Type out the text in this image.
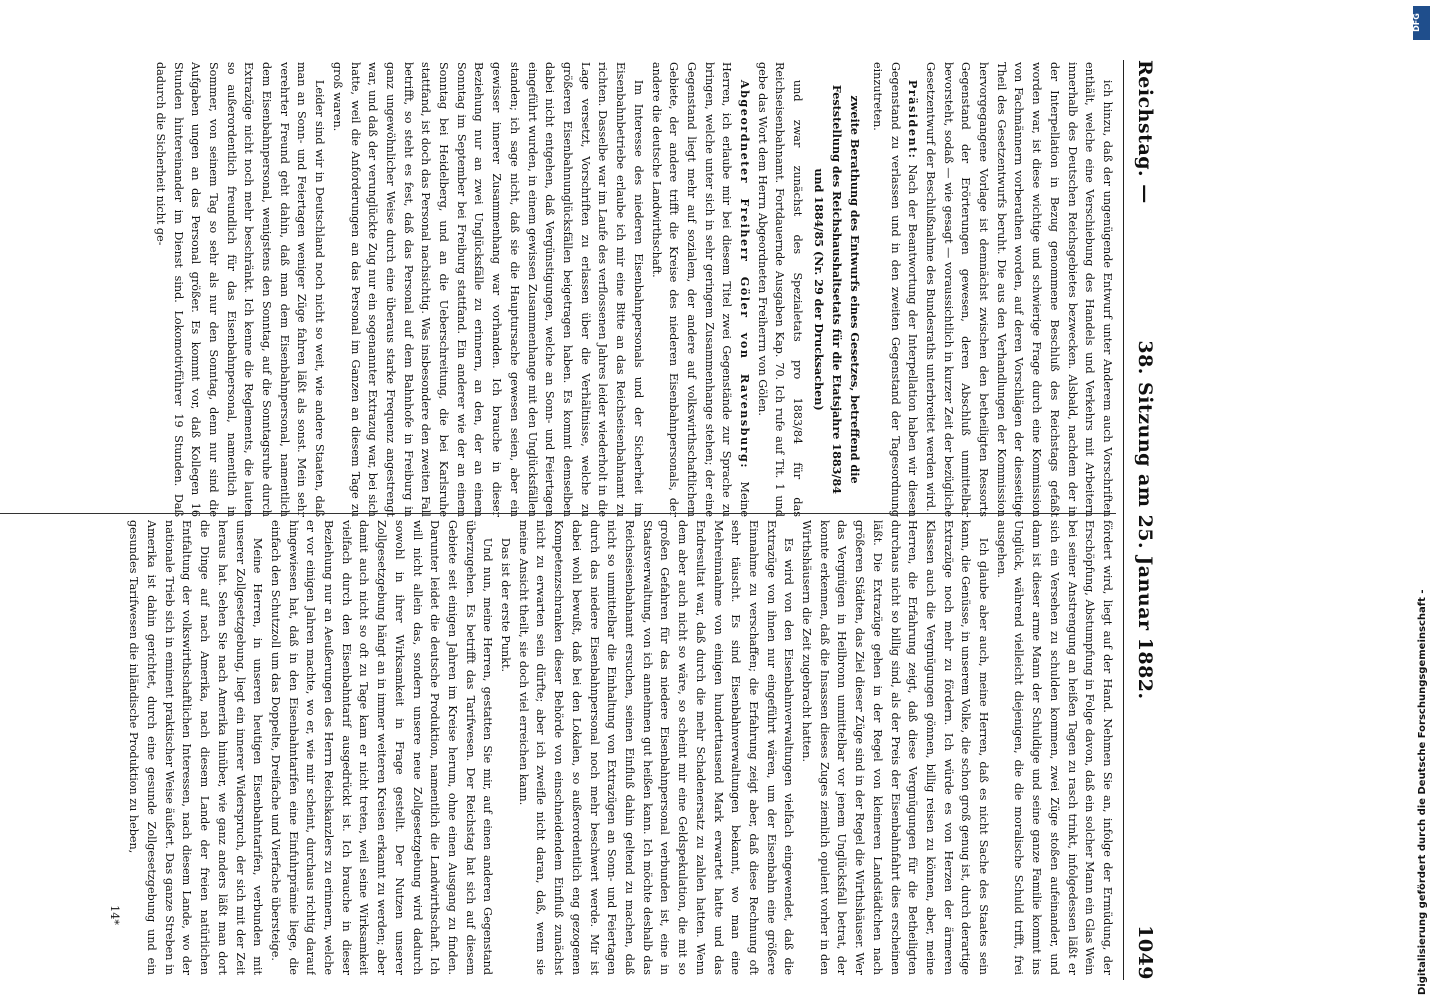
Reichstag. —
38. Sitzung am 25. Januar 1882.
1049

ich hinzu, daß der ungenügende Entwurf unter Anderem auch Vorschriften enthält, welche eine Verschiebung des Handels und Verkehrs mit Arbeitern innerhalb des Deutschen Reichsgebietes bezwecken. Alsbald, nachdem der in der Interpellation in Bezug genommene Beschluß des Reichstags gefaßt worden war, ist diese wichtige und schwierige Frage durch eine Kommission von Fachmännern vorberathen worden, auf deren Vorschlägen der diesseitige Theil des Gesetzentwurfs beruht. Die aus den Verhandlungen der Kommission hervorgegangene Vorlage ist demnächst zwischen den betheiligten Ressorts Gegenstand der Erörterungen gewesen, deren Abschluß unmittelbar bevorsteht, sodaß — wie gesagt — voraussichtlich in kurzer Zeit der bezügliche Gesetzentwurf der Beschlußnahme des Bundesraths unterbreitet werden wird.

Präsident: Nach der Beantwortung der Interpellation haben wir diesen Gegenstand zu verlassen und in den zweiten Gegenstand der Tagesordnung einzutreten.

zweite Berathung des Entwurfs eines Gesetzes, betreffend die Feststellung des Reichshaushaltsetats für die Etatsjahre 1883/84 und 1884/85 (Nr. 29 der Drucksachen)

und zwar zunächst des Spezialetats pro 1883/84 für das Reichseisenbahnamt. Fortdauernde Ausgaben Kap. 70. Ich rufe auf Tit. 1 und gebe das Wort dem Herrn Abgeordneten Freiherrn von Gölen.

Abgeordneter Freiherr Göler von Ravensburg: Meine Herren, ich erlaube mir bei diesem Titel zwei Gegenstände zur Sprache zu bringen, welche unter sich in sehr geringem Zusammenhange stehen; der eine Gegenstand liegt mehr auf sozialem, der andere auf volkswirthschaftlichem Gebiete, der andere trifft die Kreise des niederen Eisenbahnpersonals, der andere die deutsche Landwirthschaft.

Im Interesse des niederen Eisenbahnpersonals und der Sicherheit im Eisenbahnbetriebe erlaube ich mir eine Bitte an das Reichseisenbahnamt zu richten. Dasselbe war im Laufe des verflossenen Jahres leider wiederholt in die Lage versetzt, Vorschriften zu erlassen über die Verhältnisse, welche zu größeren Eisenbahnunglücksfällen beigetragen haben. Es kommt demselben dabei nicht entgehen, daß Vergünstigungen, welche an Sonn- und Feiertagen eingeführt wurden, in einem gewissen Zusammenhange mit den Unglücksfällen standen; ich sage nicht, daß sie die Hauptursache gewesen seien, aber ein gewisser innerer Zusammenhang war vorhanden. Ich brauche in dieser Beziehung nur an zwei Unglücksfälle zu erinnern, an den, der an einem Sonntag im September bei Freiburg stattfand. Ein anderer wie der an einem Sonntag bei Heidelberg, und an die Ueberschreitung, die bei Karlsruhe stattfand, ist doch das Personal nachsichtig. Was insbesondere den zweiten Fall betrifft, so steht es fest, daß das Personal auf dem Bahnhofe in Freiburg in ganz ungewöhnlicher Weise durch eine überaus starke Frequenz angestrengt war, und daß der verunglückte Zug nur ein sogenannter Extrazug war, bei sich hatte, weil die Anforderungen an das Personal im Ganzen an diesem Tage zu groß waren.

Leider sind wir in Deutschland noch nicht so weit, wie andere Staaten, daß man an Sonn- und Feiertagen weniger Züge fahren läßt als sonst. Mein sehr verehrter Freund geht dahin, daß man dem Eisenbahnpersonal, namentlich dem Eisenbahnpersonal, wenigstens den Sonntag, auf die Sonntagsruhe durch Extrazüge nicht noch mehr beschränkt. Ich kenne die Reglements, die lauten so außerordentlich freundlich für das Eisenbahnpersonal, namentlich in Sommer, von seinem Tag so sehr als nur den Sonntag, denn nur sind die Aufgaben ungen an das Personal größer. Es kommt vor, daß Kollegen 16 Stunden hintereinander im Dienst sind. Lokomotivführer 19 Stunden. Daß dadurch die Sicherheit nicht ge-

fördert wird, liegt auf der Hand. Nehmen Sie an, infolge der Ermüdung, der Erschöpfung, Abstumpfung in Folge davon, daß ein solcher Mann ein Glas Wein bei seiner Anstrengung an heißen Tagen zu rasch trinkt, infolgedessen läßt er sich ein Versehen zu schulden kommen, zwei Züge stoßen aufeinander, und dann ist dieser arme Mann der Schuldige und seine ganze Familie kommt ins Unglück, während vielleicht diejenigen, die die moralische Schuld trifft, frei ausgehen.

Ich glaube aber auch, meine Herren, daß es nicht Sache des Staates sein kann, die Genüsse, in unserem Volke, die schon groß genug ist, durch derartige Extrazüge noch mehr zu fördern. Ich würde es von Herzen der ärmeren Klassen auch die Vergnügungen gönnen, billig reisen zu können, aber, meine Herren, die Erfahrung zeigt, daß diese Vergnügungen für die Betheiligten durchaus nicht so billig sind, als der Preis der Eisenbahnfahrt dies erscheinen läßt. Die Extrazüge gehen in der Regel von kleineren Landstädtchen nach größeren Städten, das Ziel dieser Züge sind in der Regel die Wirthshäuser. Wer das Vergnügen in Heilbronn unmittelbar vor jenem Unglücksfall betrat, der konnte erkennen, daß die Insassen dieses Zuges ziemlich opulent vorher in den Wirthshäusern die Zeit zugebracht hatten.

Es wird von den Eisenbahnverwaltungen vielfach eingewendet, daß die Extrazüge von ihnen nur eingeführt wären, um der Eisenbahn eine größere Einnahme zu verschaffen; die Erfahrung zeigt aber, daß diese Rechnung oft sehr täuscht. Es sind Eisenbahnverwaltungen bekannt, wo man eine Mehreinnahme von einigen hunderttausend Mark erwartet hatte und das Endresultat war, daß durch die mehr Schadenersatz zu zahlen hatten. Wenn dem aber auch nicht so wäre, so scheint mir eine Geldspekulation, die mit so großen Gefahren für das niedere Eisenbahnpersonal verbunden ist, eine in Staatsverwaltung, von ich annehmen gut heißen kann. Ich möchte deshalb das Reichseisenbahnamt ersuchen, seinen Einfluß dahin geltend zu machen, daß nicht so unmittelbar die Einhaltung von Extrazügen an Sonn- und Feiertagen durch das niedere Eisenbahnpersonal noch mehr beschwert werde. Mir ist dabei wohl bewußt, daß bei den Lokalen, so außerordentlich eng gezogenen Kompetenzschranken dieser Behörde von einschneidendem Einfluß zunächst nicht zu erwarten sein dürfte; aber ich zweifle nicht daran, daß, wenn sie meine Ansicht theilt, sie doch viel erreichen kann.

Das ist der erste Punkt.

Und nun, meine Herren, gestatten Sie mir, auf einen anderen Gegenstand überzugehen. Es betrifft das Tarifwesen. Der Reichstag hat sich auf diesem Gebiete seit einigen Jahren im Kreise herum, ohne einen Ausgang zu finden. Darunter leidet die deutsche Produktion, namentlich die Landwirthschaft. Ich will nicht allein das, sondern unsere neue Zollgesetzgebung wird dadurch sowohl in ihrer Wirksamkeit in Frage gestellt. Der Nutzen unserer Zollgesetzgebung hängt an in immer weiteren Kreisen erkannt zu werden; aber damit auch nicht so oft zu Tage kam er nicht treten, weil seine Wirksamkeit vielfach durch den Eisenbahntarif ausgedrückt ist. Ich brauche in dieser Beziehung nur an Aeußerungen des Herrn Reichskanzlers zu erinnern, welche er vor einigen Jahren machte, wo er, wie mir scheint, durchaus richtig darauf hingewiesen hat, daß in den Eisenbahntarifen eine Einfuhrprämie liege, die einfach den Schutzzoll um das Doppelte, Dreifache und Vierfache übersteige.

Meine Herren, in unseren heutigen Eisenbahntarifen, verbunden mit unserer Zollgesetzgebung, liegt ein innerer Widerspruch, der sich mit der Zeit heraus hat. Sehen Sie nach Amerika hinüber, wie ganz anders läßt man dort die Dinge auf nach Amerika, nach diesem Lande der freien natürlichen Entfaltung der volkswirthschaftlichen Interessen, nach diesem Lande, wo der nationale Trieb sich in eminent praktischer Weise äußert. Das ganze Streben in Amerika ist dahin gerichtet, durch eine gesunde Zollgesetzgebung und ein gesundes Tarifwesen die inländische Produktion zu heben,

14*	Digitalisierung gefördert durch die Deutsche Forschungsgemeinschaft -
DFG
